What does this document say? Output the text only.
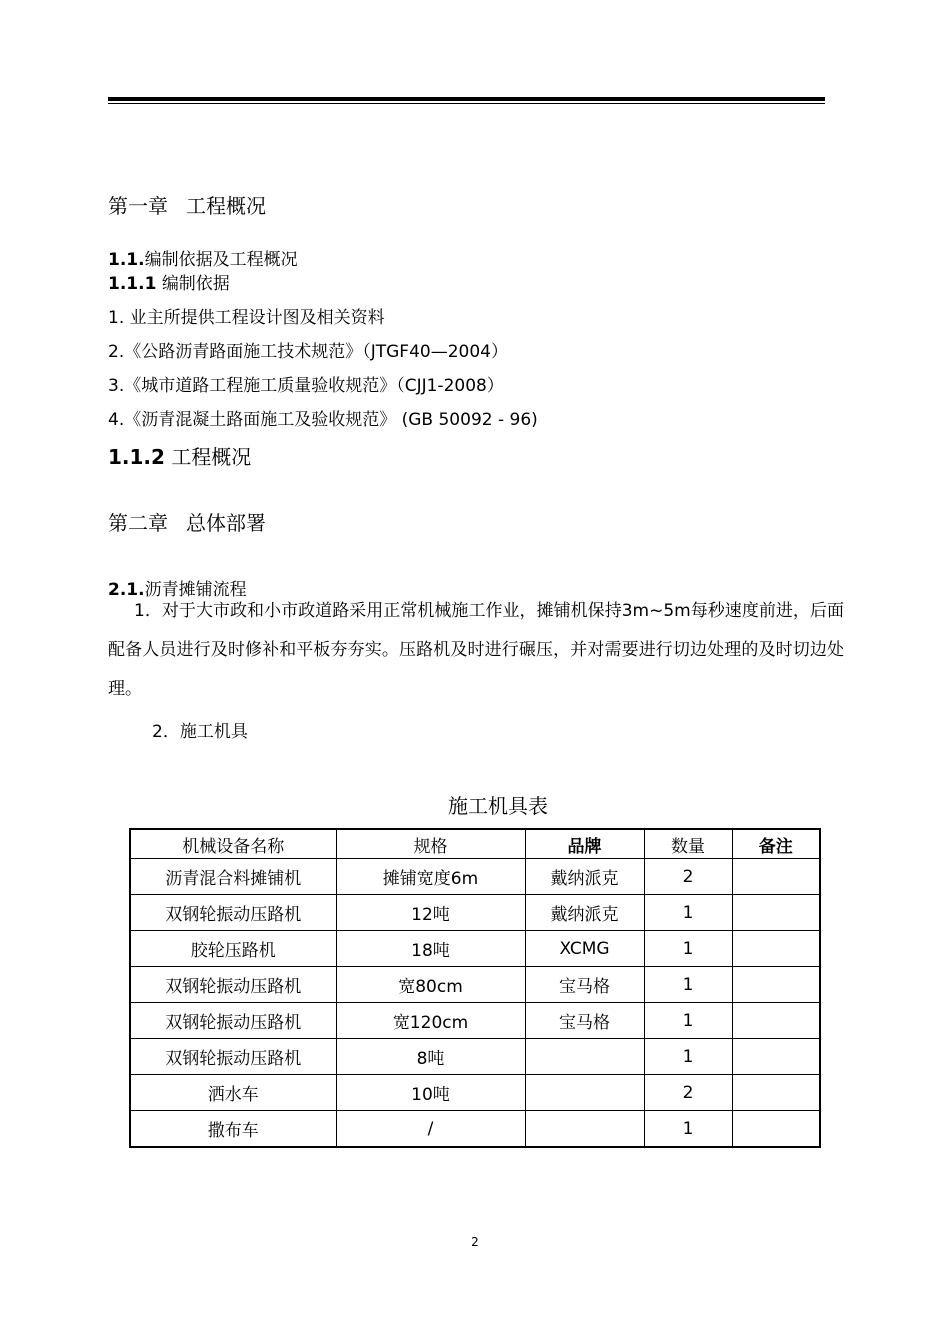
第一章 工程概况
1.1.编制依据及工程概况
1.1.1 编制依据
1. 业主所提供工程设计图及相关资料
2.《公路沥青路面施工技术规范》（JTGF40—2004）
3.《城市道路工程施工质量验收规范》（CJJ1-2008）
4.《沥青混凝土路面施工及验收规范》 (GB 50092 - 96)
1.1.2 工程概况
第二章 总体部署
2.1.沥青摊铺流程
1．对于大市政和小市政道路采用正常机械施工作业，摊铺机保持3m~5m每秒速度前进，后面配备人员进行及时修补和平板夯夯实。压路机及时进行碾压，并对需要进行切边处理的及时切边处理。
2．施工机具
施工机具表
机械设备名称	规格	品牌	数量	备注
沥青混合料摊铺机	摊铺宽度6m	戴纳派克	2	
双钢轮振动压路机	12吨	戴纳派克	1	
胶轮压路机	18吨	XCMG	1	
双钢轮振动压路机	宽80cm	宝马格	1	
双钢轮振动压路机	宽120cm	宝马格	1	
双钢轮振动压路机	8吨		1	
洒水车	10吨		2	
撒布车	/		1	
2
